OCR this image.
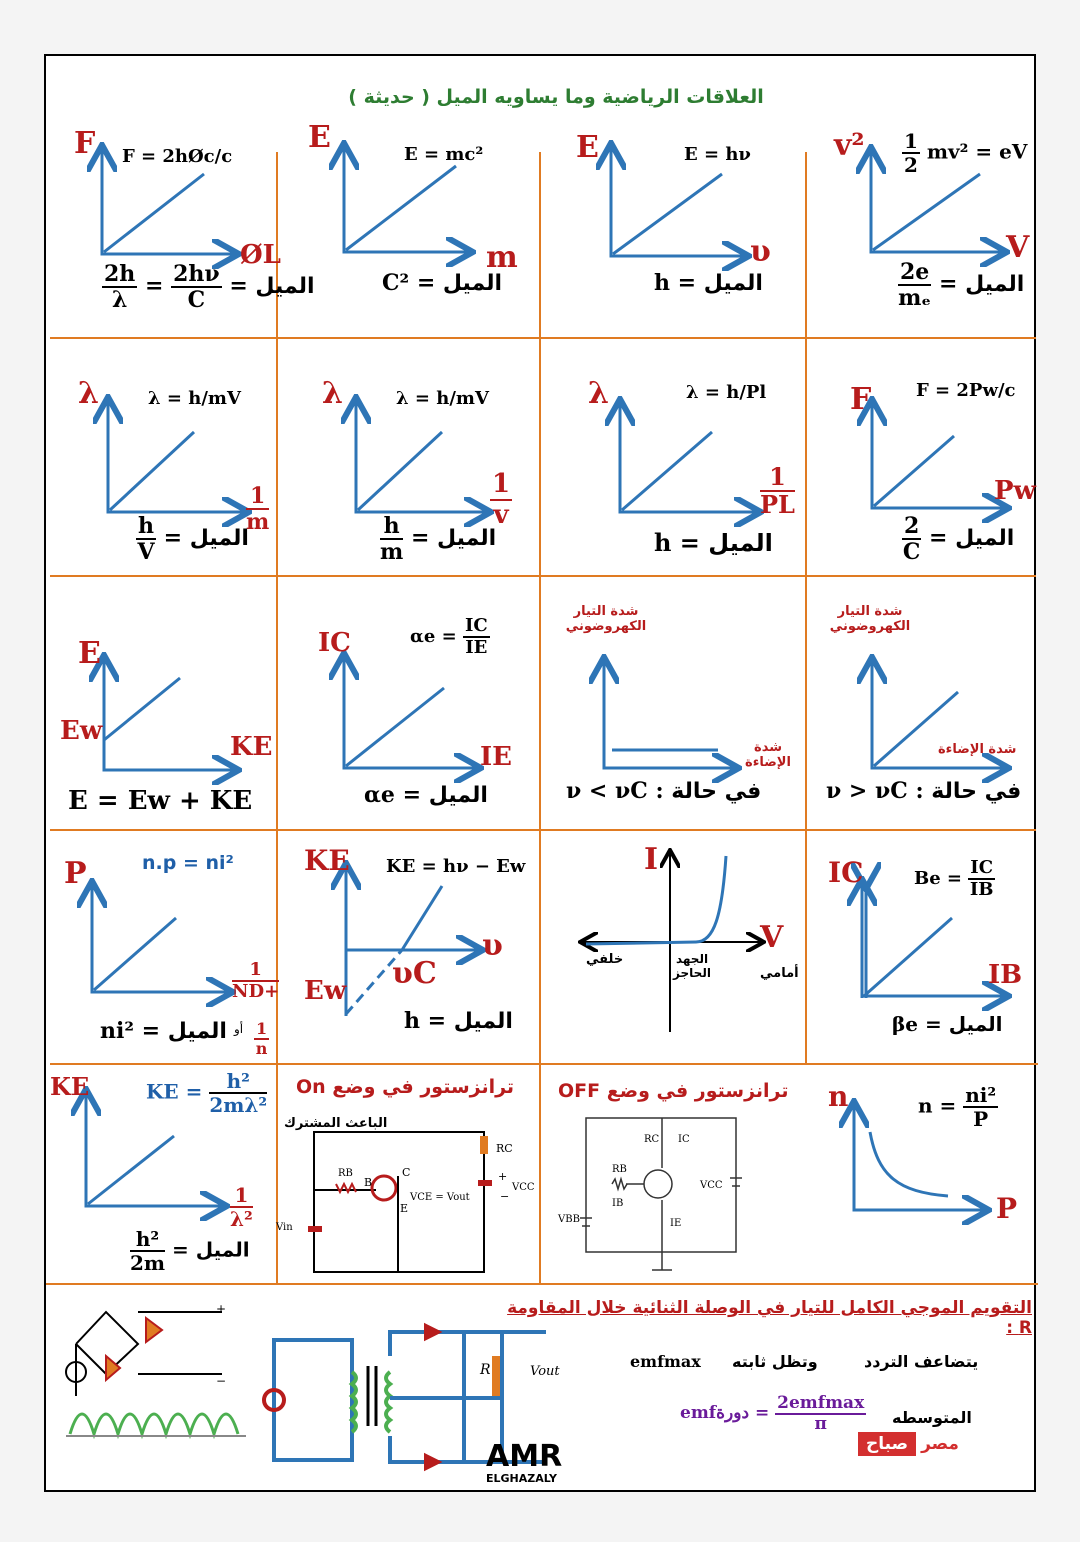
العلاقات الرياضية وما يساويه الميل ( حديثة )
F F = 2hØc/c
ØL
$\frac{2h}{\lambda} = \frac{2h\nu}{C}$ = الميل
E	E = mc²
m
C² = الميل
E	E = hν
υ
h = الميل
$v^2 \frac{1}{2} mv^2$ = eV
V
$\frac{2e}{\text{mₑ}}$ = الميل
λ	λ = h/mV
$\frac{1}{m}$
$\frac{h}{V}$ = الميل
λ	λ = h/mV
$\frac{1}{v}$
$\frac{h}{m}$ = الميل
λ	λ = h/Pl
$\frac{1}{PL}$
h = الميل
F F = 2Pw/c
Pw
$\frac{2}{C}$ = الميل
E
Ew
KE
E = Ew + KE
IC	$\alpha e = \frac{IC}{IE}$
IE
αe = الميل
شدة التيار
الكهروضوني
شدة
الإضاءة
ν < νC : في حالة
شدة التيار
الكهروضوني
شدة الإضاءة
ν > νC : في حالة
P	n.p = ni²
$\frac{1}{ND+}$
ni² = الميل أو $\frac{1}{n}$
KE KE = hν − Ew
υ
υC
Ew
h = الميل
I
V
خلفي
أمامي
الجهد
الحاجز
IC	$Be = \frac{IC}{IB}$
IB
βe = الميل
KE	KE = $\frac{\text{h²}}{\text{2mλ²}}$
$\frac{1}{\text{λ²}}$
$\frac{\text{h²}}{2m}$ = الميل
ترانزستور في وضع On
الباعث المشترك
RB
B
C
E
RC
VCE = Vout
+
VCC
−
Vin
ترانزستور في وضع OFF
RC IC
RB
IB
IE
VCC
VBB
n	$n = \frac{\text{ni²}}{P}$
P
التقويم الموجي الكامل للتيار في الوصلة الثنائية خلال المقاومة R :
يتضاعف التردد
وتظل ثابته
emfmax
المتوسطه
emfدورة = $\frac{\text{2emfmax}}{\pi}$
R	Vout
+
−
AMR
ELGHAZALY
صباح مصر
